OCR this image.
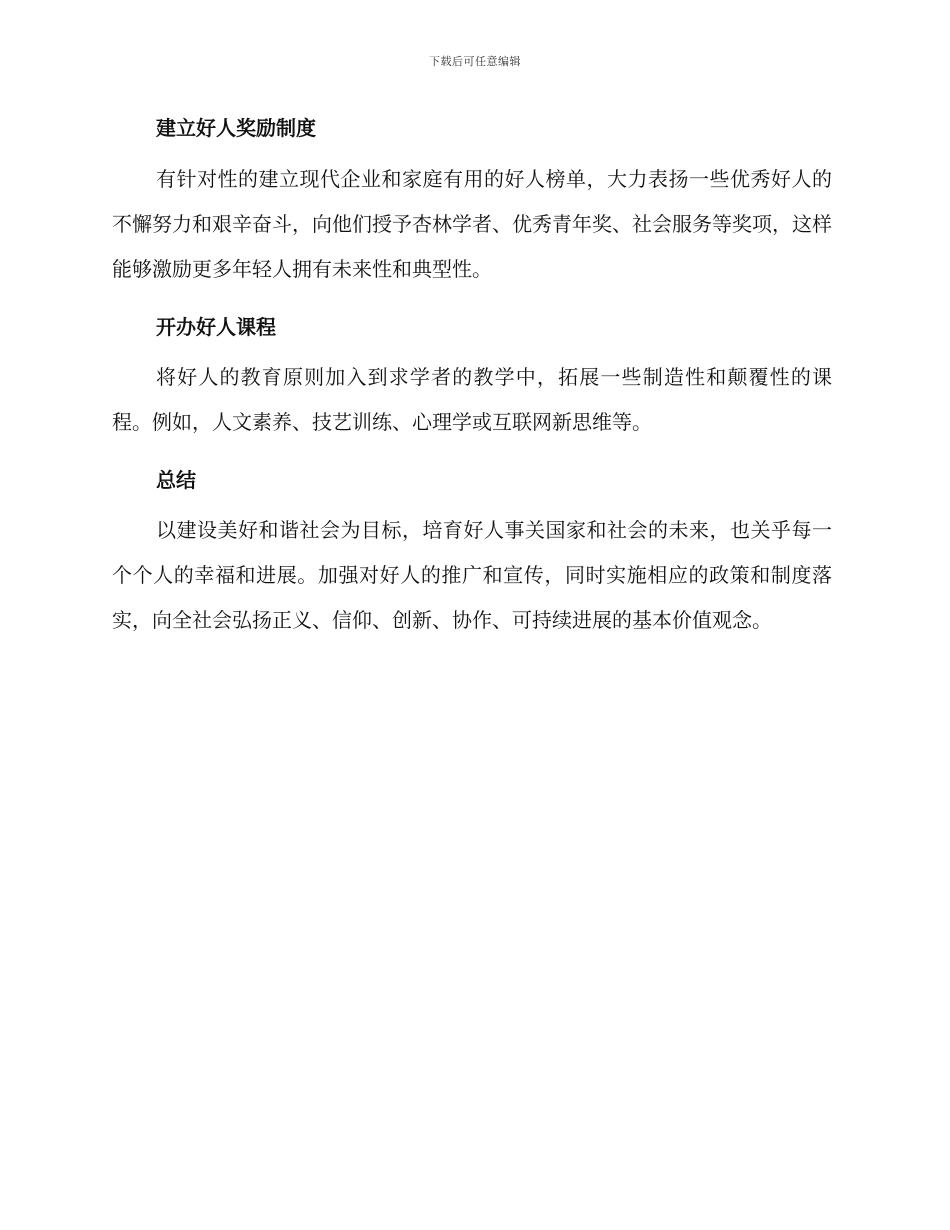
下载后可任意编辑
建立好人奖励制度

有针对性的建立现代企业和家庭有用的好人榜单，大力表扬一些优秀好人的不懈努力和艰辛奋斗，向他们授予杏林学者、优秀青年奖、社会服务等奖项，这样能够激励更多年轻人拥有未来性和典型性。

开办好人课程

将好人的教育原则加入到求学者的教学中，拓展一些制造性和颠覆性的课程。例如，人文素养、技艺训练、心理学或互联网新思维等。

总结

以建设美好和谐社会为目标，培育好人事关国家和社会的未来，也关乎每一个个人的幸福和进展。加强对好人的推广和宣传，同时实施相应的政策和制度落实，向全社会弘扬正义、信仰、创新、协作、可持续进展的基本价值观念。
